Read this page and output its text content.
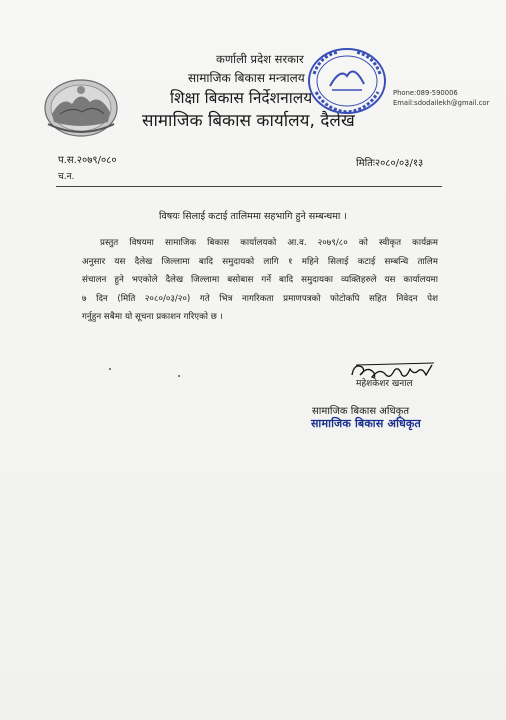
कर्णाली प्रदेश सरकार
सामाजिक बिकास मन्त्रालय
शिक्षा बिकास निर्देशनालय
सामाजिक बिकास कार्यालय, दैलेख
Phone:089-590006
Email:sdodailekh@gmail.cor
प.स.२०७९/०८०
च.न.
मितिः२०८०/०३/१३
विषयः सिलाई कटाई तालिममा सहभागि हुने सम्बन्धमा ।
प्रस्तुत विषयमा सामाजिक बिकास कार्यालयको आ.व. २०७९/८० को स्वीकृत कार्यक्रम
अनुसार यस दैलेख जिल्लामा बादि समुदायको लागि १ महिने सिलाई कटाई सम्बन्धि तालिम
संचालन हुने भएकोले दैलेख जिल्लामा बसोबास गर्ने बादि समुदायका व्यक्तिहरुले यस कार्यालयमा
७ दिन (मिति २०८०/०३/२०) गते भित्र नागरिकता प्रमाणपत्रको फोटोकपि सहित निवेदन पेश
गर्नुहुन सबैमा यो सूचना प्रकाशन गरिएको छ ।
महेशकेशर खनाल
सामाजिक बिकास अधिकृत
सामाजिक बिकास अधिकृत
